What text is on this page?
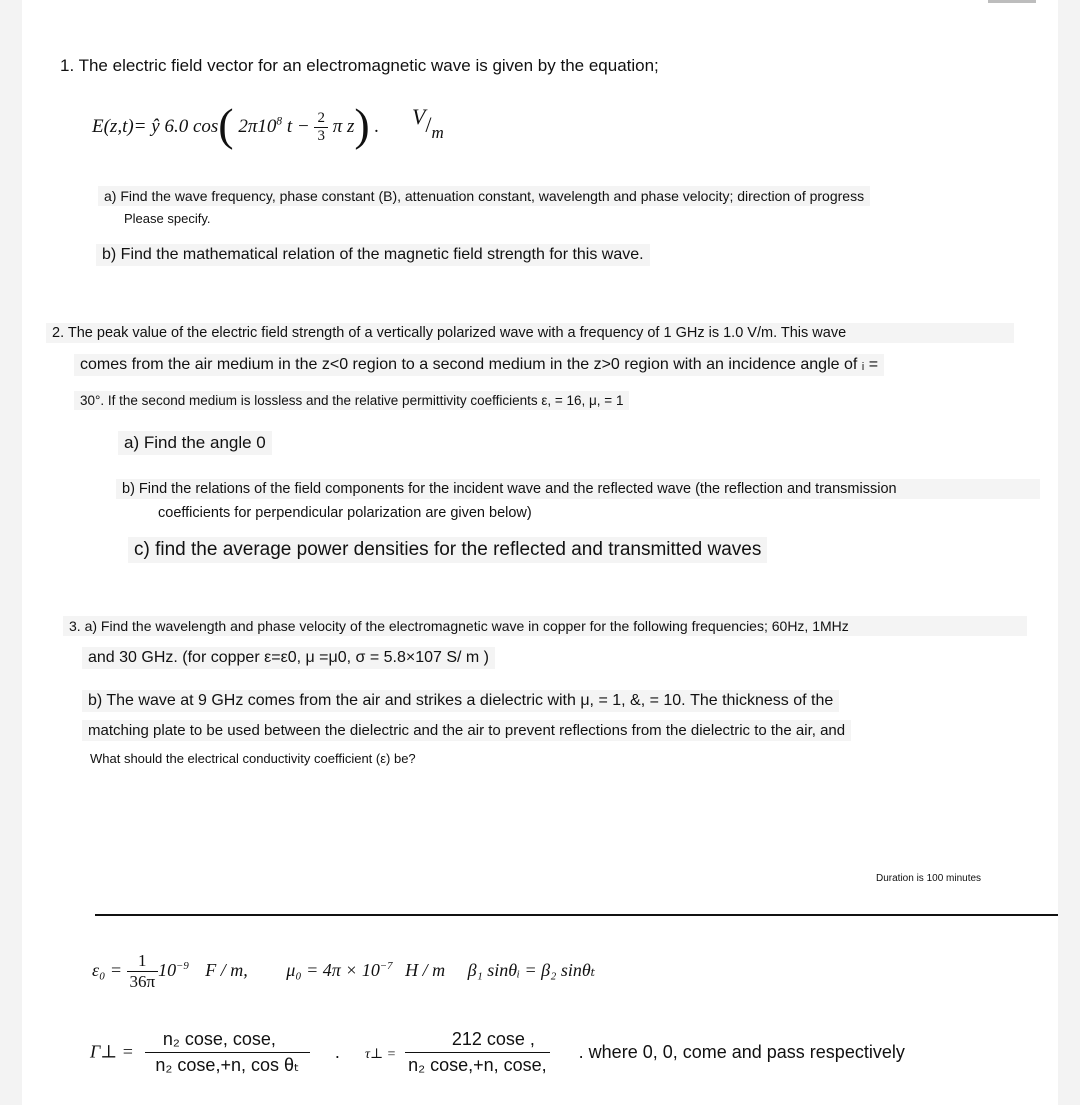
1. The electric field vector for an electromagnetic wave is given by the equation;
E(z,t)= ŷ 6.0 cos( $2\pi 10^8$ $t - \frac{2}{3}$ π z) . $V/_m$
a) Find the wave frequency, phase constant (B), attenuation constant, wavelength and phase velocity; direction of progress
Please specify.
b) Find the mathematical relation of the magnetic field strength for this wave.
2. The peak value of the electric field strength of a vertically polarized wave with a frequency of 1 GHz is 1.0 V/m. This wave
comes from the air medium in the z<0 region to a second medium in the z>0 region with an incidence angle of ᵢ =
30°. If the second medium is lossless and the relative permittivity coefficients ε, = 16, μ, = 1
a) Find the angle 0
b) Find the relations of the field components for the incident wave and the reflected wave (the reflection and transmission
coefficients for perpendicular polarization are given below)
c) find the average power densities for the reflected and transmitted waves
3. a) Find the wavelength and phase velocity of the electromagnetic wave in copper for the following frequencies; 60Hz, 1MHz
and 30 GHz. (for copper ε=ε0, μ =μ0, σ = 5.8×107 S/ m )
b) The wave at 9 GHz comes from the air and strikes a dielectric with μ, = 1, &, = 10. The thickness of the
matching plate to be used between the dielectric and the air to prevent reflections from the dielectric to the air, and
What should the electrical conductivity coefficient (ε) be?
Duration is 100 minutes
$\varepsilon_0 = \frac{1}{36\pi} 10^{-9}$ F / m, $\mu_0 = 4\pi \times 10^{-7}$ H / m β₁ sinθᵢ = β₂ sinθₜ
Γ⊥ = $\frac{\text{n₂ cose, cose,}}{\text{n₂ cose,+n, cos θₜ}}$ . τ⊥ = $\frac{212 \cos e ,}{\text{n₂ cose,+n, cose,}}$ . where 0, 0, come and pass respectively
